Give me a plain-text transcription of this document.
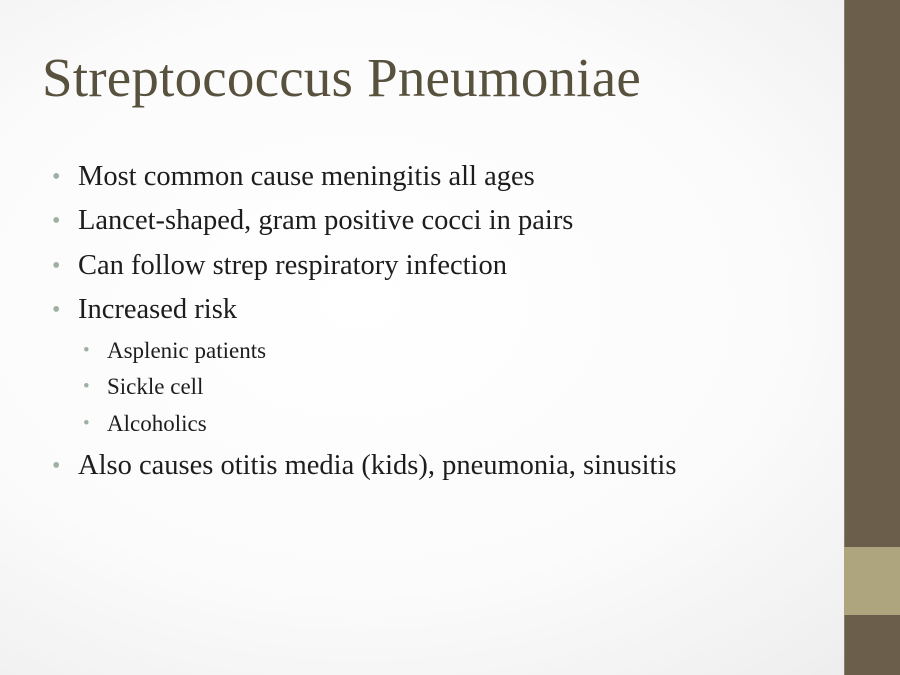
Streptococcus Pneumoniae
• Most common cause meningitis all ages
• Lancet-shaped, gram positive cocci in pairs
• Can follow strep respiratory infection
• Increased risk
• Asplenic patients
• Sickle cell
• Alcoholics
• Also causes otitis media (kids), pneumonia, sinusitis
